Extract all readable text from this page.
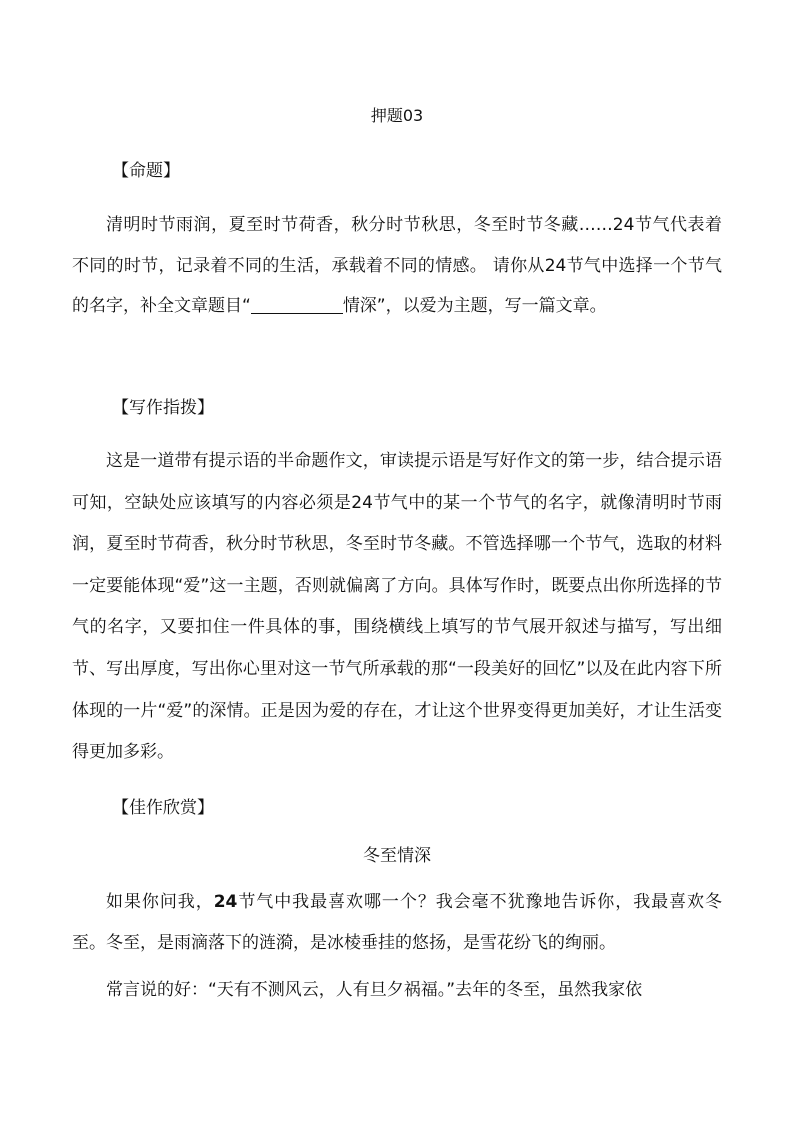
押题03
【命题】

清明时节雨润，夏至时节荷香，秋分时节秋思，冬至时节冬藏……24节气代表着不同的时节，记录着不同的生活，承载着不同的情感。 请你从24节气中选择一个节气的名字，补全文章题目“	情深”，以爱为主题，写一篇文章。

【写作指拨】

这是一道带有提示语的半命题作文，审读提示语是写好作文的第一步，结合提示语可知，空缺处应该填写的内容必须是24节气中的某一个节气的名字，就像清明时节雨润，夏至时节荷香，秋分时节秋思，冬至时节冬藏。不管选择哪一个节气，选取的材料一定要能体现“爱”这一主题，否则就偏离了方向。具体写作时，既要点出你所选择的节气的名字，又要扣住一件具体的事，围绕横线上填写的节气展开叙述与描写，写出细节、写出厚度，写出你心里对这一节气所承载的那“一段美好的回忆”以及在此内容下所体现的一片“爱”的深情。正是因为爱的存在，才让这个世界变得更加美好，才让生活变得更加多彩。

【佳作欣赏】
冬至情深

如果你问我，24节气中我最喜欢哪一个？我会毫不犹豫地告诉你，我最喜欢冬至。冬至，是雨滴落下的涟漪，是冰棱垂挂的悠扬，是雪花纷飞的绚丽。

常言说的好：“天有不测风云，人有旦夕祸福。”去年的冬至，虽然我家依
